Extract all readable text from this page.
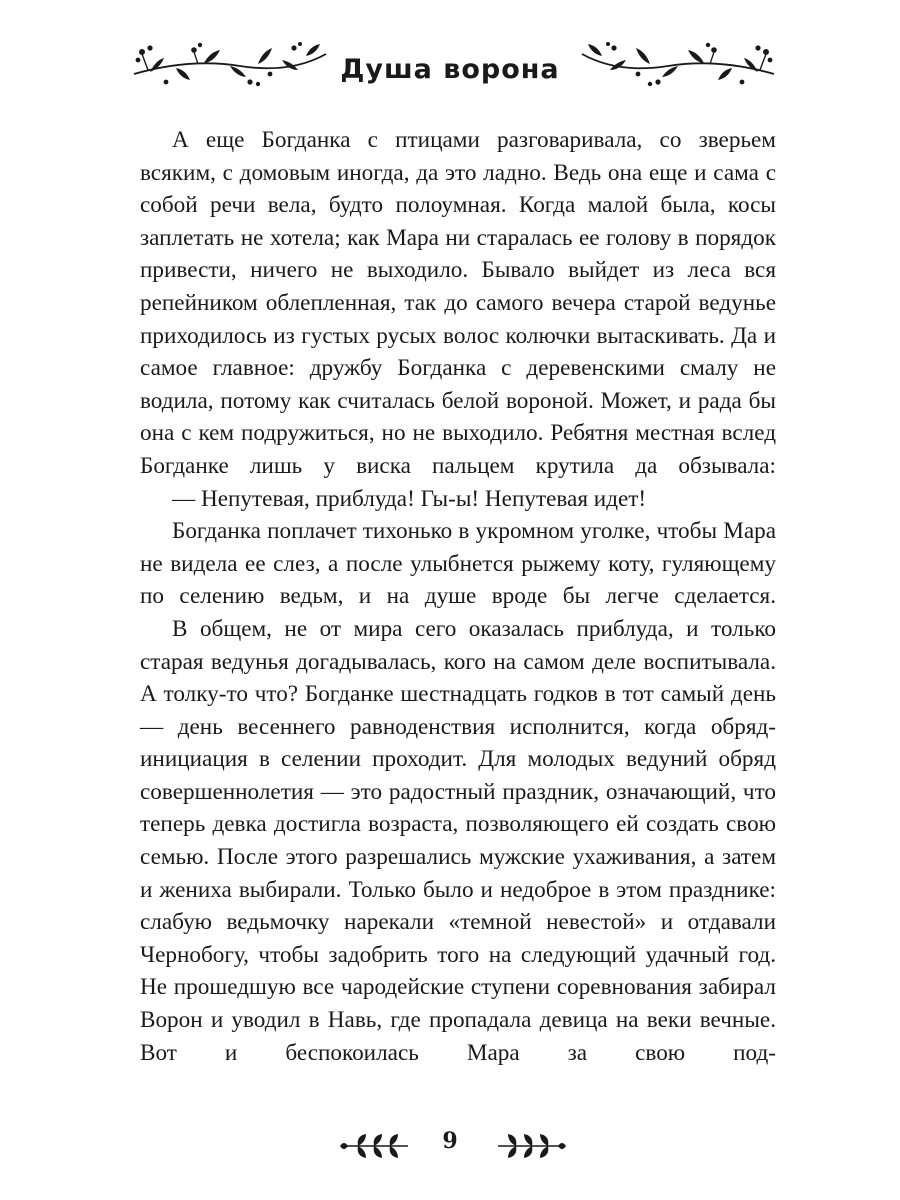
Душа ворона

А еще Богданка с птицами разговаривала, со зверьем всяким, с домовым иногда, да это ладно. Ведь она еще и сама с собой речи вела, будто полоумная. Когда малой была, косы заплетать не хотела; как Мара ни старалась ее голову в порядок привести, ничего не выходило. Бывало выйдет из леса вся репейником облепленная, так до самого вечера старой ведунье приходилось из густых русых волос колючки вытаскивать. Да и самое главное: дружбу Богданка с деревенскими смалу не водила, потому как считалась белой вороной. Может, и рада бы она с кем подружиться, но не выходило. Ребятня местная вслед Богданке лишь у виска пальцем крутила да обзывала:

— Непутевая, приблуда! Гы-ы! Непутевая идет!

Богданка поплачет тихонько в укромном уголке, чтобы Мара не видела ее слез, а после улыбнется рыжему коту, гуляющему по селению ведьм, и на душе вроде бы легче сделается.

В общем, не от мира сего оказалась приблуда, и только старая ведунья догадывалась, кого на самом деле воспитывала. А толку-то что? Богданке шестнадцать годков в тот самый день — день весеннего равноденствия исполнится, когда обряд-инициация в селении проходит. Для молодых ведуний обряд совершеннолетия — это радостный праздник, означающий, что теперь девка достигла возраста, позволяющего ей создать свою семью. После этого разрешались мужские ухаживания, а затем и жениха выбирали. Только было и недоброе в этом празднике: слабую ведьмочку нарекали «темной невестой» и отдавали Чернобогу, чтобы задобрить того на следующий удачный год. Не прошедшую все чародейские ступени соревнования забирал Ворон и уводил в Навь, где пропадала девица на веки вечные. Вот и беспокоилась Мара за свою под-

9
